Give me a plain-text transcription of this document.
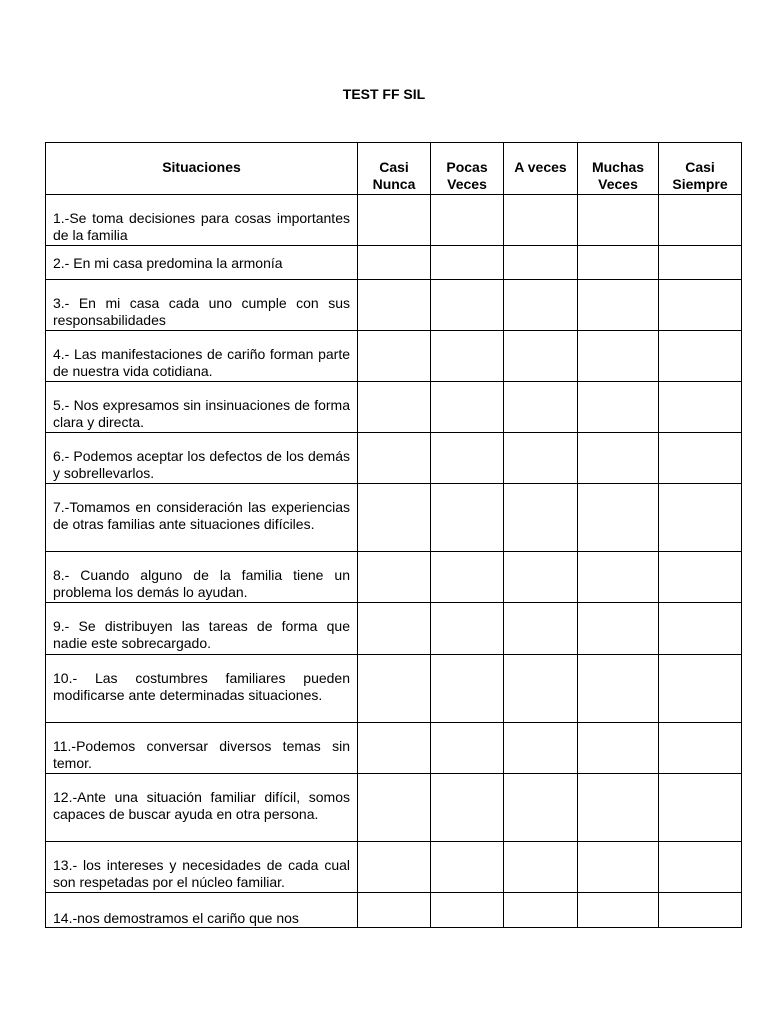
TEST FF SIL
Situaciones	Casi Nunca	Pocas Veces	A veces	Muchas Veces	Casi Siempre
1.-Se toma decisiones para cosas importantes de la familia					
2.- En mi casa predomina la armonía					
3.- En mi casa cada uno cumple con sus responsabilidades					
4.- Las manifestaciones de cariño forman parte de nuestra vida cotidiana.					
5.- Nos expresamos sin insinuaciones de forma clara y directa.					
6.- Podemos aceptar los defectos de los demás y sobrellevarlos.					
7.-Tomamos en consideración las experiencias de otras familias ante situaciones difíciles.					
8.- Cuando alguno de la familia tiene un problema los demás lo ayudan.					
9.- Se distribuyen las tareas de forma que nadie este sobrecargado.					
10.- Las costumbres familiares pueden modificarse ante determinadas situaciones.					
11.-Podemos conversar diversos temas sin temor.					
12.-Ante una situación familiar difícil, somos capaces de buscar ayuda en otra persona.					
13.- los intereses y necesidades de cada cual son respetadas por el núcleo familiar.					
14.-nos demostramos el cariño que nos					
